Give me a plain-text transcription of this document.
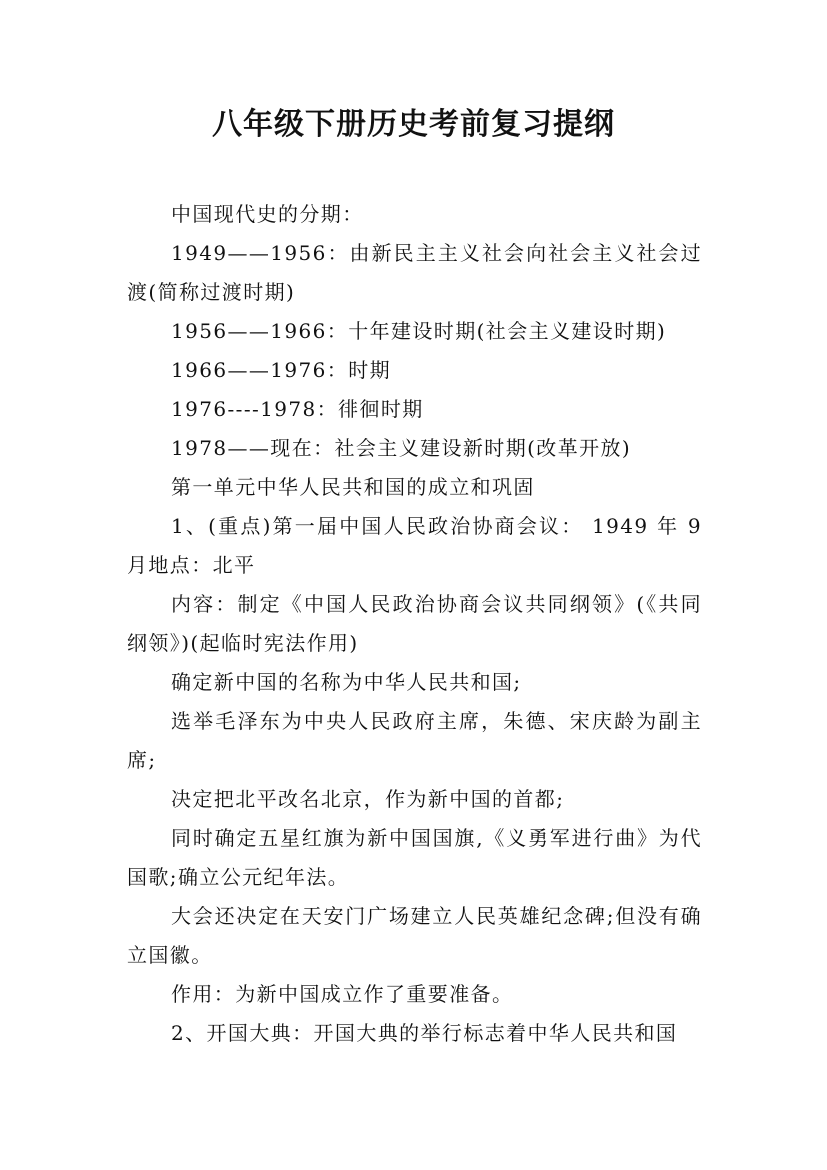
八年级下册历史考前复习提纲

中国现代史的分期：

1949——1956：由新民主主义社会向社会主义社会过渡(简称过渡时期)

1956——1966：十年建设时期(社会主义建设时期)

1966——1976：时期

1976----1978：徘徊时期

1978——现在：社会主义建设新时期(改革开放)

第一单元中华人民共和国的成立和巩固

1、(重点)第一届中国人民政治协商会议： 1949 年 9 月地点：北平

内容：制定《中国人民政治协商会议共同纲领》(《共同纲领》)(起临时宪法作用)

确定新中国的名称为中华人民共和国;

选举毛泽东为中央人民政府主席，朱德、宋庆龄为副主席;

决定把北平改名北京，作为新中国的首都;

同时确定五星红旗为新中国国旗,《义勇军进行曲》为代国歌;确立公元纪年法。

大会还决定在天安门广场建立人民英雄纪念碑;但没有确立国徽。

作用：为新中国成立作了重要准备。

2、开国大典：开国大典的举行标志着中华人民共和国
